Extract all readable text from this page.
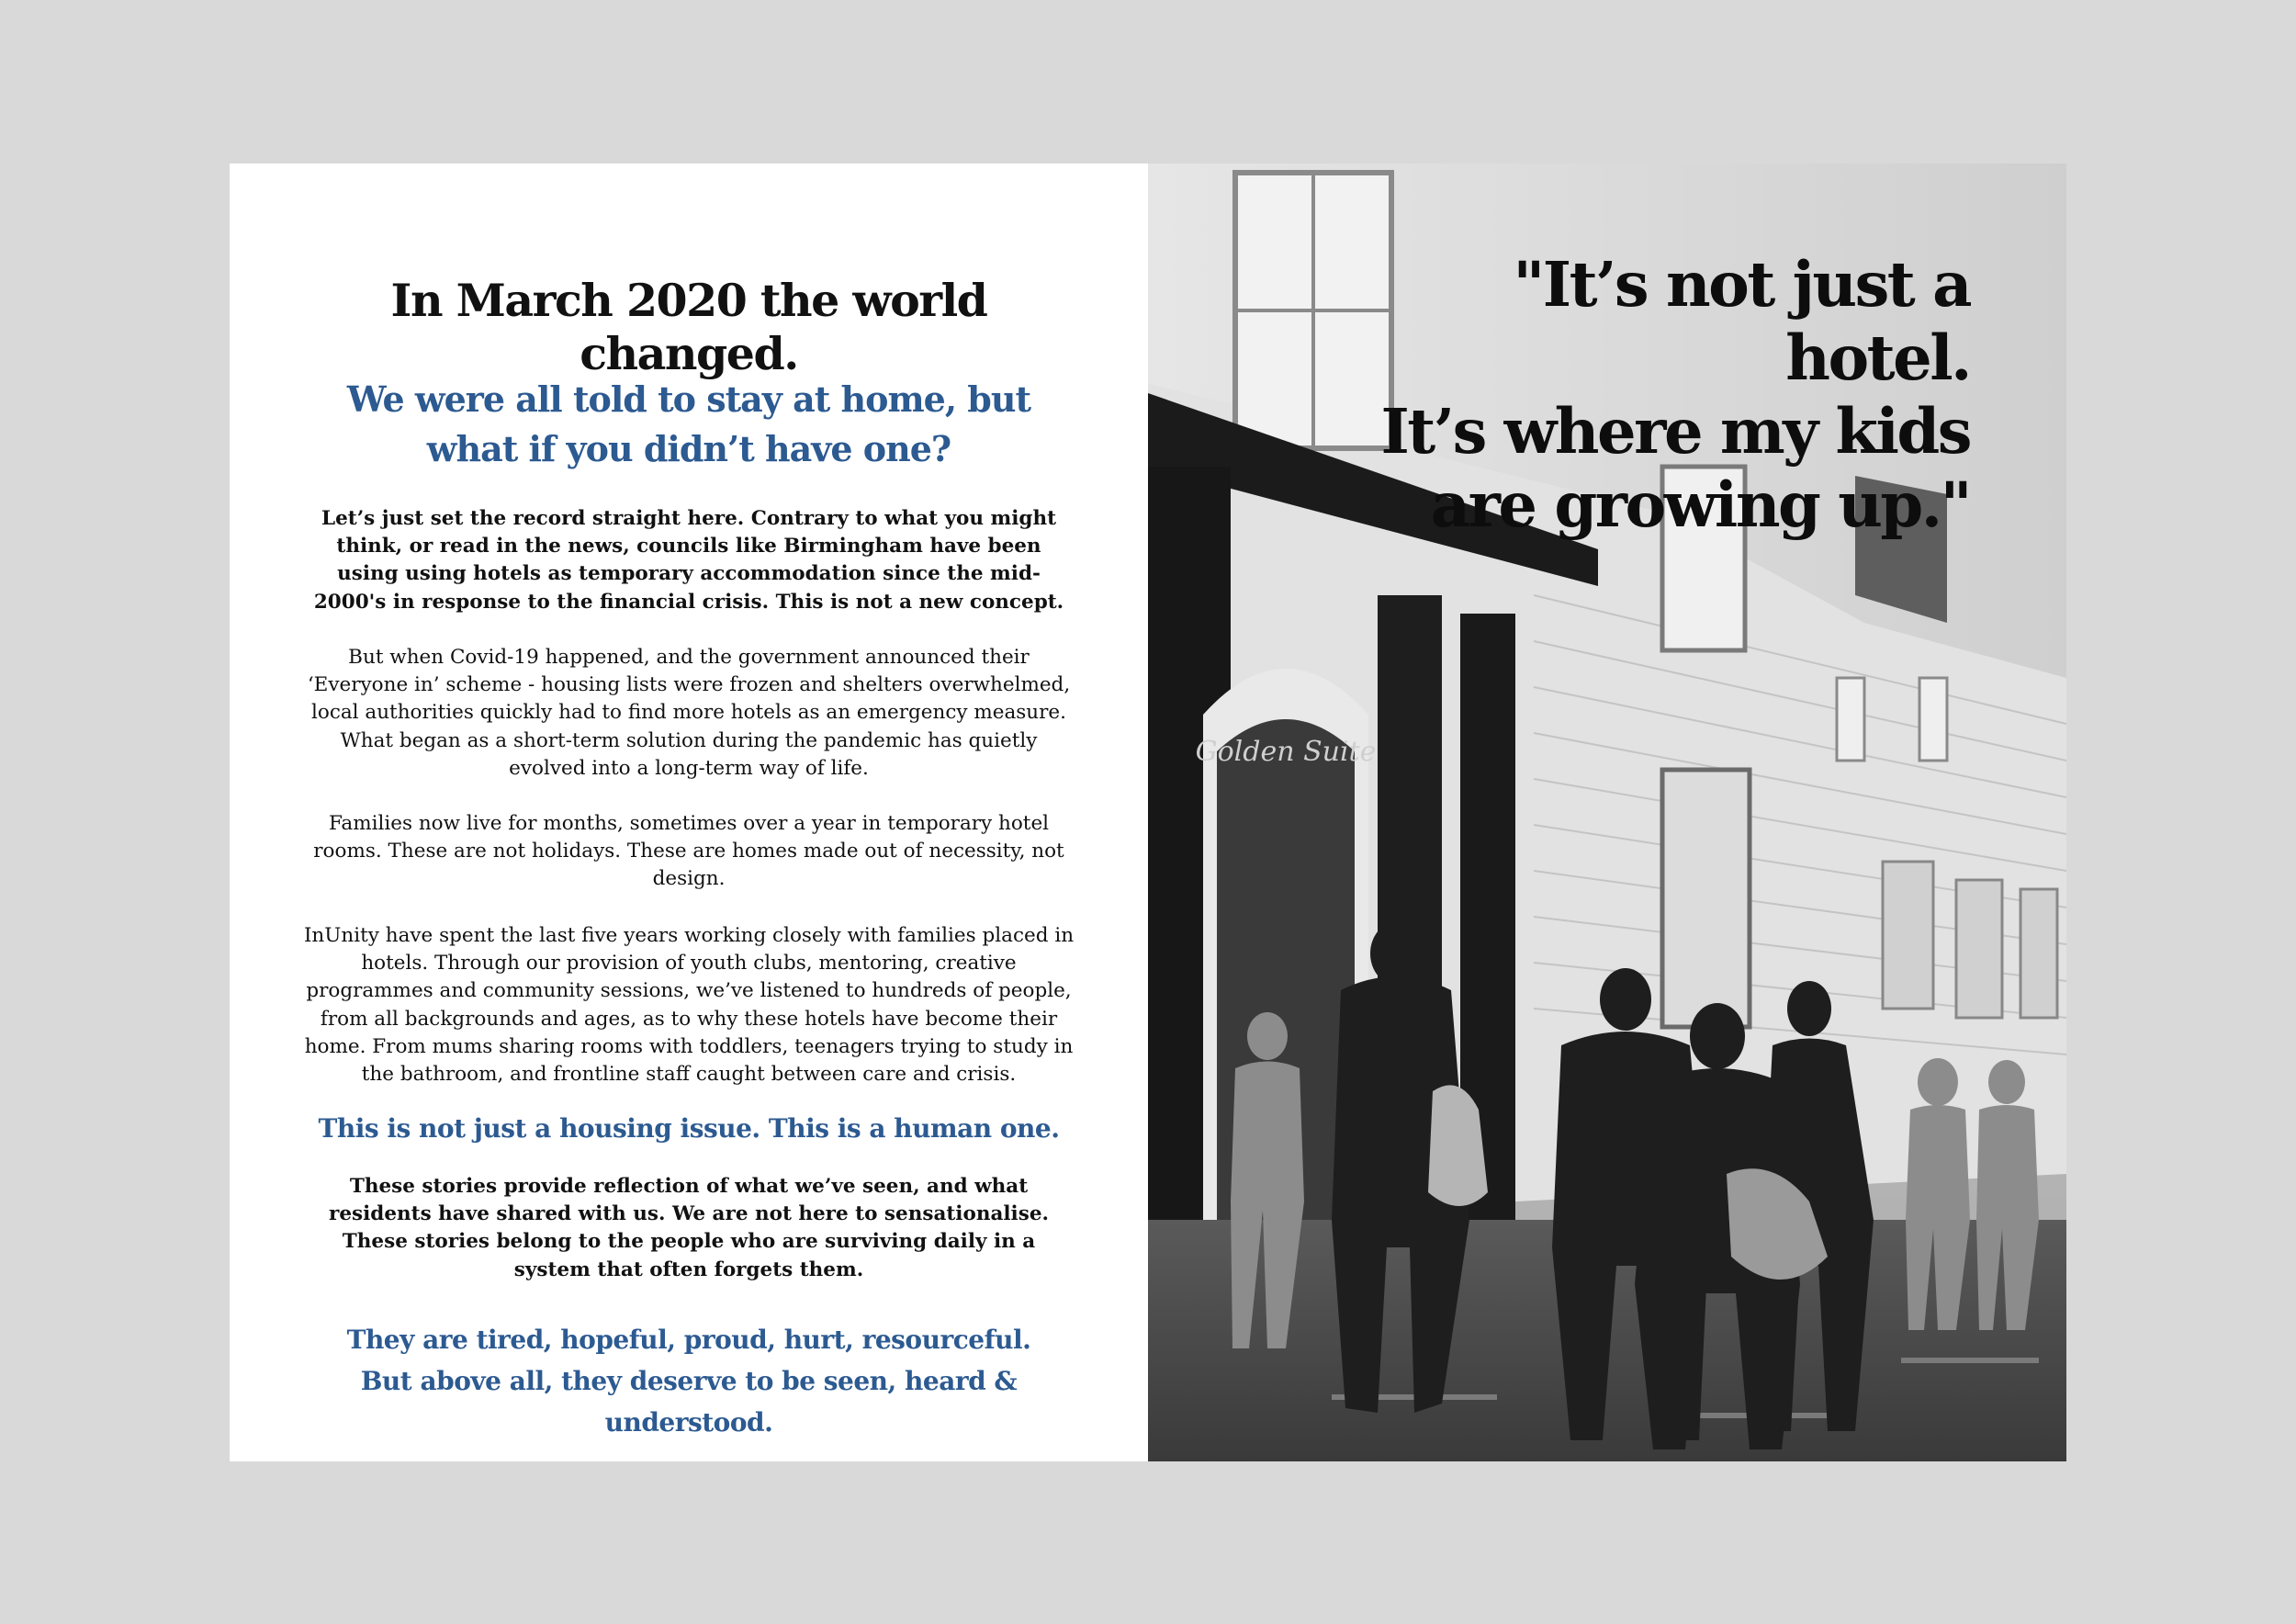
In March 2020 the world changed.
We were all told to stay at home, but what if you didn’t have one?

Let’s just set the record straight here. Contrary to what you might think, or read in the news, councils like Birmingham have been using using hotels as temporary accommodation since the mid-2000's in response to the financial crisis. This is not a new concept.

But when Covid-19 happened, and the government announced their ‘Everyone in’ scheme - housing lists were frozen and shelters overwhelmed, local authorities quickly had to find more hotels as an emergency measure. What began as a short-term solution during the pandemic has quietly evolved into a long-term way of life.

Families now live for months, sometimes over a year in temporary hotel rooms. These are not holidays. These are homes made out of necessity, not design.

InUnity have spent the last five years working closely with families placed in hotels. Through our provision of youth clubs, mentoring, creative programmes and community sessions, we’ve listened to hundreds of people, from all backgrounds and ages, as to why these hotels have become their home. From mums sharing rooms with toddlers, teenagers trying to study in the bathroom, and frontline staff caught between care and crisis.

This is not just a housing issue. This is a human one.

These stories provide reflection of what we’ve seen, and what residents have shared with us. We are not here to sensationalise. These stories belong to the people who are surviving daily in a system that often forgets them.

They are tired, hopeful, proud, hurt, resourceful.
But above all, they deserve to be seen, heard & understood.
Golden Suite
"It’s not just a hotel.
It’s where my kids
are growing up."
